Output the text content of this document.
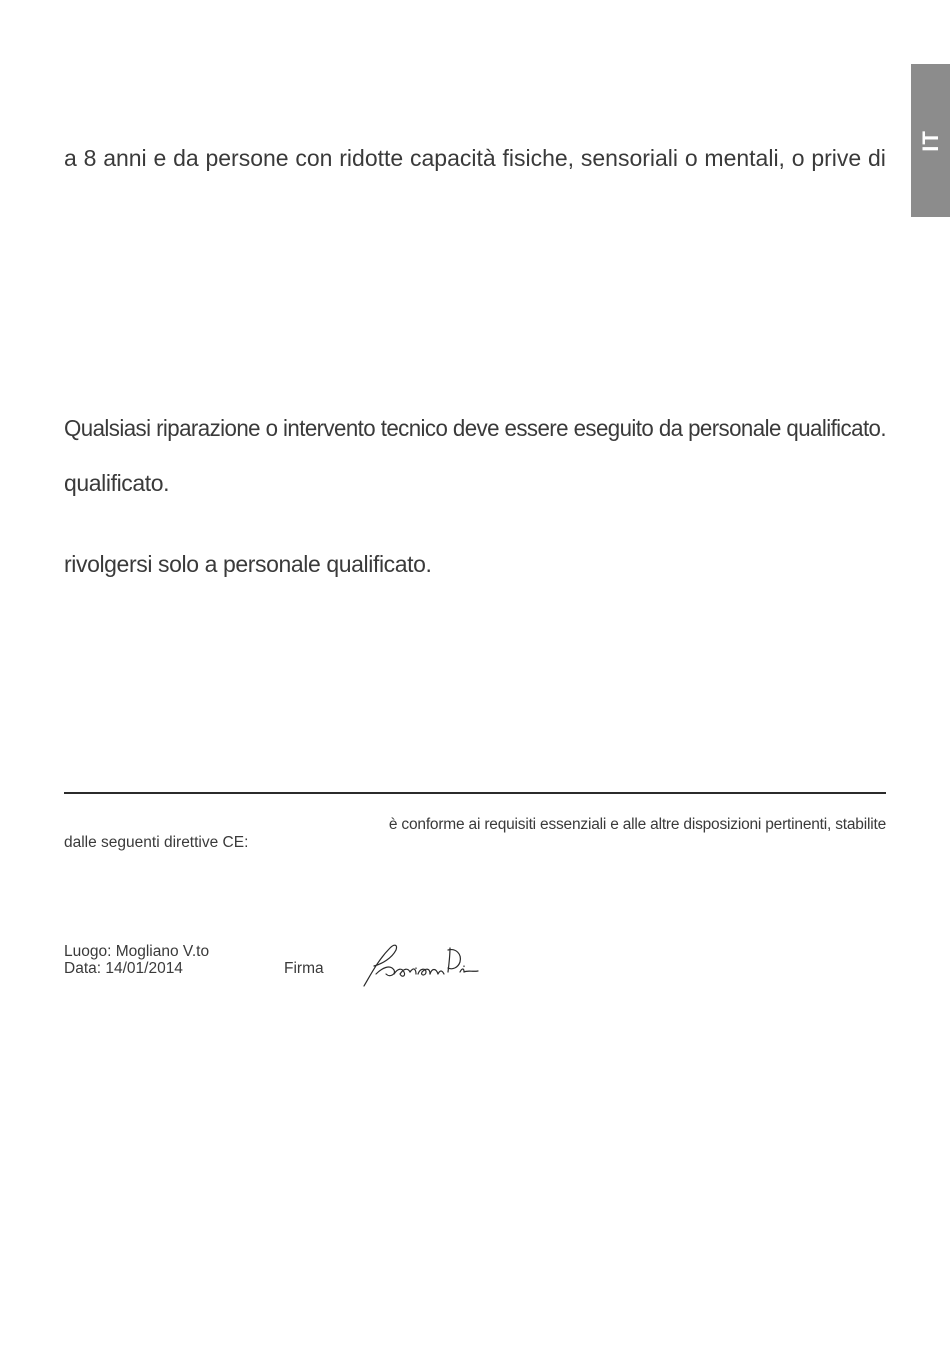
IT
a 8 anni e da persone con ridotte capacità fisiche, sensoriali o mentali, o prive di
Qualsiasi riparazione o intervento tecnico deve essere eseguito da personale qualificato.
qualificato.
rivolgersi solo a personale qualificato.
è conforme ai requisiti essenziali e alle altre disposizioni pertinenti, stabilite
dalle seguenti direttive CE:
Luogo: Mogliano V.to
Data: 14/01/2014	Firma
